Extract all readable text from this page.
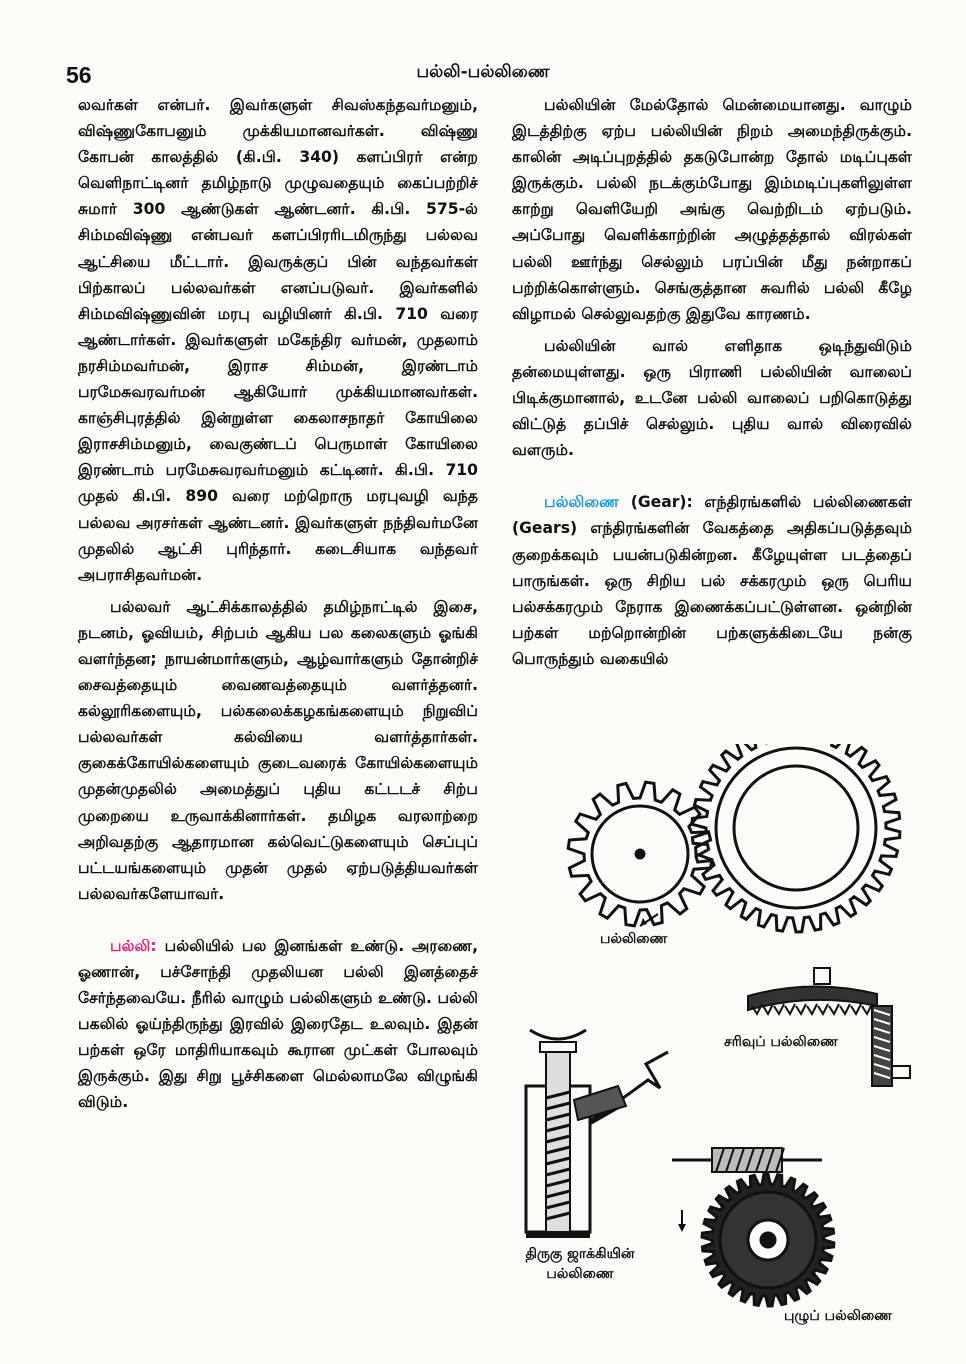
56	பல்லி-பல்லிணை

லவர்கள் என்பர். இவர்களுள் சிவஸ்கந்தவர்மனும், விஷ்ணுகோபனும் முக்கியமானவர்கள். விஷ்ணு கோபன் காலத்தில் (கி.பி. 340) களப்பிரர் என்ற வெளிநாட்டினர் தமிழ்நாடு முழுவதையும் கைப்பற்றிச் சுமார் 300 ஆண்டுகள் ஆண்டனர். கி.பி. 575-ல் சிம்மவிஷ்ணு என்பவர் களப்பிரரிடமிருந்து பல்லவ ஆட்சியை மீட்டார். இவருக்குப் பின் வந்தவர்கள் பிற்காலப் பல்லவர்கள் எனப்படுவர். இவர்களில் சிம்மவிஷ்ணுவின் மரபு வழியினர் கி.பி. 710 வரை ஆண்டார்கள். இவர்களுள் மகேந்திர வர்மன், முதலாம் நரசிம்மவர்மன், இராச சிம்மன், இரண்டாம் பரமேசுவரவர்மன் ஆகியோர் முக்கியமானவர்கள். காஞ்சிபுரத்தில் இன்றுள்ள கைலாசநாதர் கோயிலை இராசசிம்மனும், வைகுண்டப் பெருமாள் கோயிலை இரண்டாம் பரமேசுவரவர்மனும் கட்டினர். கி.பி. 710 முதல் கி.பி. 890 வரை மற்றொரு மரபுவழி வந்த பல்லவ அரசர்கள் ஆண்டனர். இவர்களுள் நந்திவர்மனே முதலில் ஆட்சி புரிந்தார். கடைசியாக வந்தவர் அபராசிதவர்மன்.

பல்லவர் ஆட்சிக்காலத்தில் தமிழ்நாட்டில் இசை, நடனம், ஓவியம், சிற்பம் ஆகிய பல கலைகளும் ஓங்கி வளர்ந்தன; நாயன்மார்களும், ஆழ்வார்களும் தோன்றிச் சைவத்தையும் வைணவத்தையும் வளர்த்தனர். கல்லூரிகளையும், பல்கலைக்கழகங்களையும் நிறுவிப் பல்லவர்கள் கல்வியை வளர்த்தார்கள். குகைக்கோயில்களையும் குடைவரைக் கோயில்களையும் முதன்முதலில் அமைத்துப் புதிய கட்டடச் சிற்ப முறையை உருவாக்கினார்கள். தமிழக வரலாற்றை அறிவதற்கு ஆதாரமான கல்வெட்டுகளையும் செப்புப் பட்டயங்களையும் முதன் முதல் ஏற்படுத்தியவர்கள் பல்லவர்களேயாவர்.

பல்லி: பல்லியில் பல இனங்கள் உண்டு. அரணை, ஓணான், பச்சோந்தி முதலியன பல்லி இனத்தைச் சேர்ந்தவையே. நீரில் வாழும் பல்லிகளும் உண்டு. பல்லி பகலில் ஓய்ந்திருந்து இரவில் இரைதேட உலவும். இதன் பற்கள் ஒரே மாதிரியாகவும் கூரான முட்கள் போலவும் இருக்கும். இது சிறு பூச்சிகளை மெல்லாமலே விழுங்கி விடும்.

பல்லியின் மேல்தோல் மென்மையானது. வாழும் இடத்திற்கு ஏற்ப பல்லியின் நிறம் அமைந்திருக்கும். காலின் அடிப்புறத்தில் தகடுபோன்ற தோல் மடிப்புகள் இருக்கும். பல்லி நடக்கும்போது இம்மடிப்புகளிலுள்ள காற்று வெளியேறி அங்கு வெற்றிடம் ஏற்படும். அப்போது வெளிக்காற்றின் அழுத்தத்தால் விரல்கள் பல்லி ஊர்ந்து செல்லும் பரப்பின் மீது நன்றாகப் பற்றிக்கொள்ளும். செங்குத்தான சுவரில் பல்லி கீழே விழாமல் செல்லுவதற்கு இதுவே காரணம்.

பல்லியின் வால் எளிதாக ஒடிந்துவிடும் தன்மையுள்ளது. ஒரு பிராணி பல்லியின் வாலைப் பிடிக்குமானால், உடனே பல்லி வாலைப் பறிகொடுத்து விட்டுத் தப்பிச் செல்லும். புதிய வால் விரைவில் வளரும்.

பல்லிணை (Gear): எந்திரங்களில் பல்லிணைகள் (Gears) எந்திரங்களின் வேகத்தை அதிகப்படுத்தவும் குறைக்கவும் பயன்படுகின்றன. கீழேயுள்ள படத்தைப் பாருங்கள். ஒரு சிறிய பல் சக்கரமும் ஒரு பெரிய பல்சக்கரமும் நேராக இணைக்கப்பட்டுள்ளன. ஒன்றின் பற்கள் மற்றொன்றின் பற்களுக்கிடையே நன்கு பொருந்தும் வகையில்

பல்லிணை
சரிவுப் பல்லிணை
திருகு ஜாக்கியின்
பல்லிணை
புழுப் பல்லிணை
